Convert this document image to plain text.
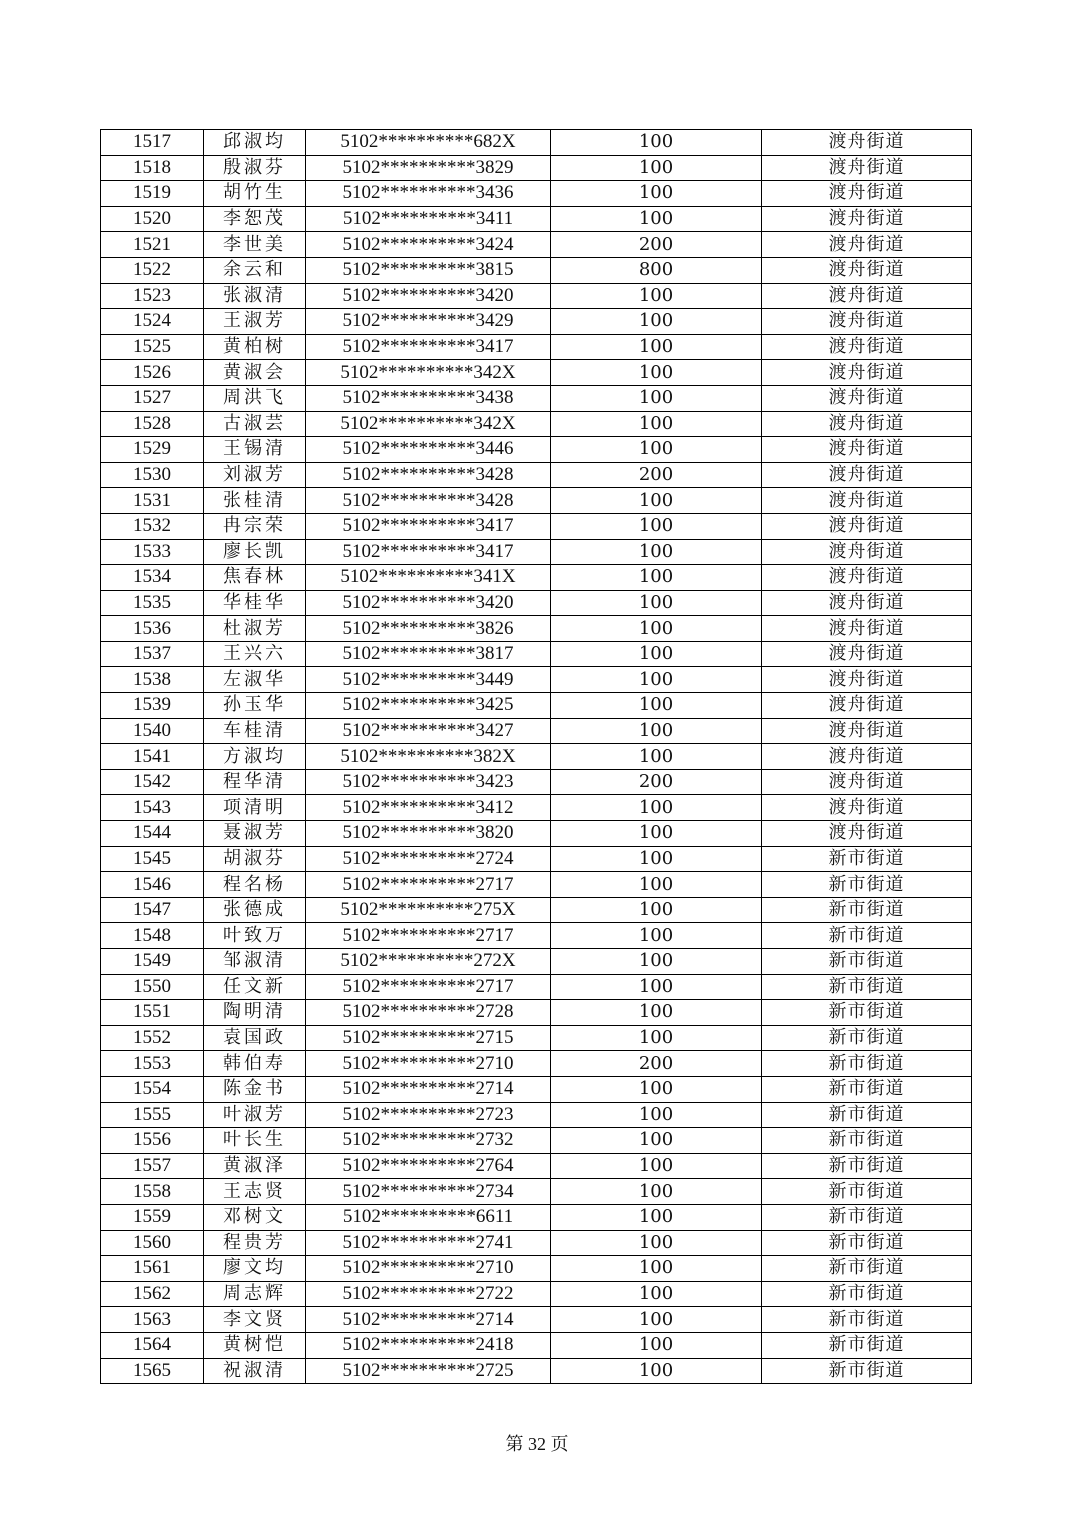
1517	邱淑均	5102**********682X	100	渡舟街道
1518	殷淑芬	5102**********3829	100	渡舟街道
1519	胡竹生	5102**********3436	100	渡舟街道
1520	李恕茂	5102**********3411	100	渡舟街道
1521	李世美	5102**********3424	200	渡舟街道
1522	余云和	5102**********3815	800	渡舟街道
1523	张淑清	5102**********3420	100	渡舟街道
1524	王淑芳	5102**********3429	100	渡舟街道
1525	黄柏树	5102**********3417	100	渡舟街道
1526	黄淑会	5102**********342X	100	渡舟街道
1527	周洪飞	5102**********3438	100	渡舟街道
1528	古淑芸	5102**********342X	100	渡舟街道
1529	王锡清	5102**********3446	100	渡舟街道
1530	刘淑芳	5102**********3428	200	渡舟街道
1531	张桂清	5102**********3428	100	渡舟街道
1532	冉宗荣	5102**********3417	100	渡舟街道
1533	廖长凯	5102**********3417	100	渡舟街道
1534	焦春林	5102**********341X	100	渡舟街道
1535	华桂华	5102**********3420	100	渡舟街道
1536	杜淑芳	5102**********3826	100	渡舟街道
1537	王兴六	5102**********3817	100	渡舟街道
1538	左淑华	5102**********3449	100	渡舟街道
1539	孙玉华	5102**********3425	100	渡舟街道
1540	车桂清	5102**********3427	100	渡舟街道
1541	方淑均	5102**********382X	100	渡舟街道
1542	程华清	5102**********3423	200	渡舟街道
1543	项清明	5102**********3412	100	渡舟街道
1544	聂淑芳	5102**********3820	100	渡舟街道
1545	胡淑芬	5102**********2724	100	新市街道
1546	程名杨	5102**********2717	100	新市街道
1547	张德成	5102**********275X	100	新市街道
1548	叶致万	5102**********2717	100	新市街道
1549	邹淑清	5102**********272X	100	新市街道
1550	任文新	5102**********2717	100	新市街道
1551	陶明清	5102**********2728	100	新市街道
1552	袁国政	5102**********2715	100	新市街道
1553	韩伯寿	5102**********2710	200	新市街道
1554	陈金书	5102**********2714	100	新市街道
1555	叶淑芳	5102**********2723	100	新市街道
1556	叶长生	5102**********2732	100	新市街道
1557	黄淑泽	5102**********2764	100	新市街道
1558	王志贤	5102**********2734	100	新市街道
1559	邓树文	5102**********6611	100	新市街道
1560	程贵芳	5102**********2741	100	新市街道
1561	廖文均	5102**********2710	100	新市街道
1562	周志辉	5102**********2722	100	新市街道
1563	李文贤	5102**********2714	100	新市街道
1564	黄树恺	5102**********2418	100	新市街道
1565	祝淑清	5102**********2725	100	新市街道
第 32 页
